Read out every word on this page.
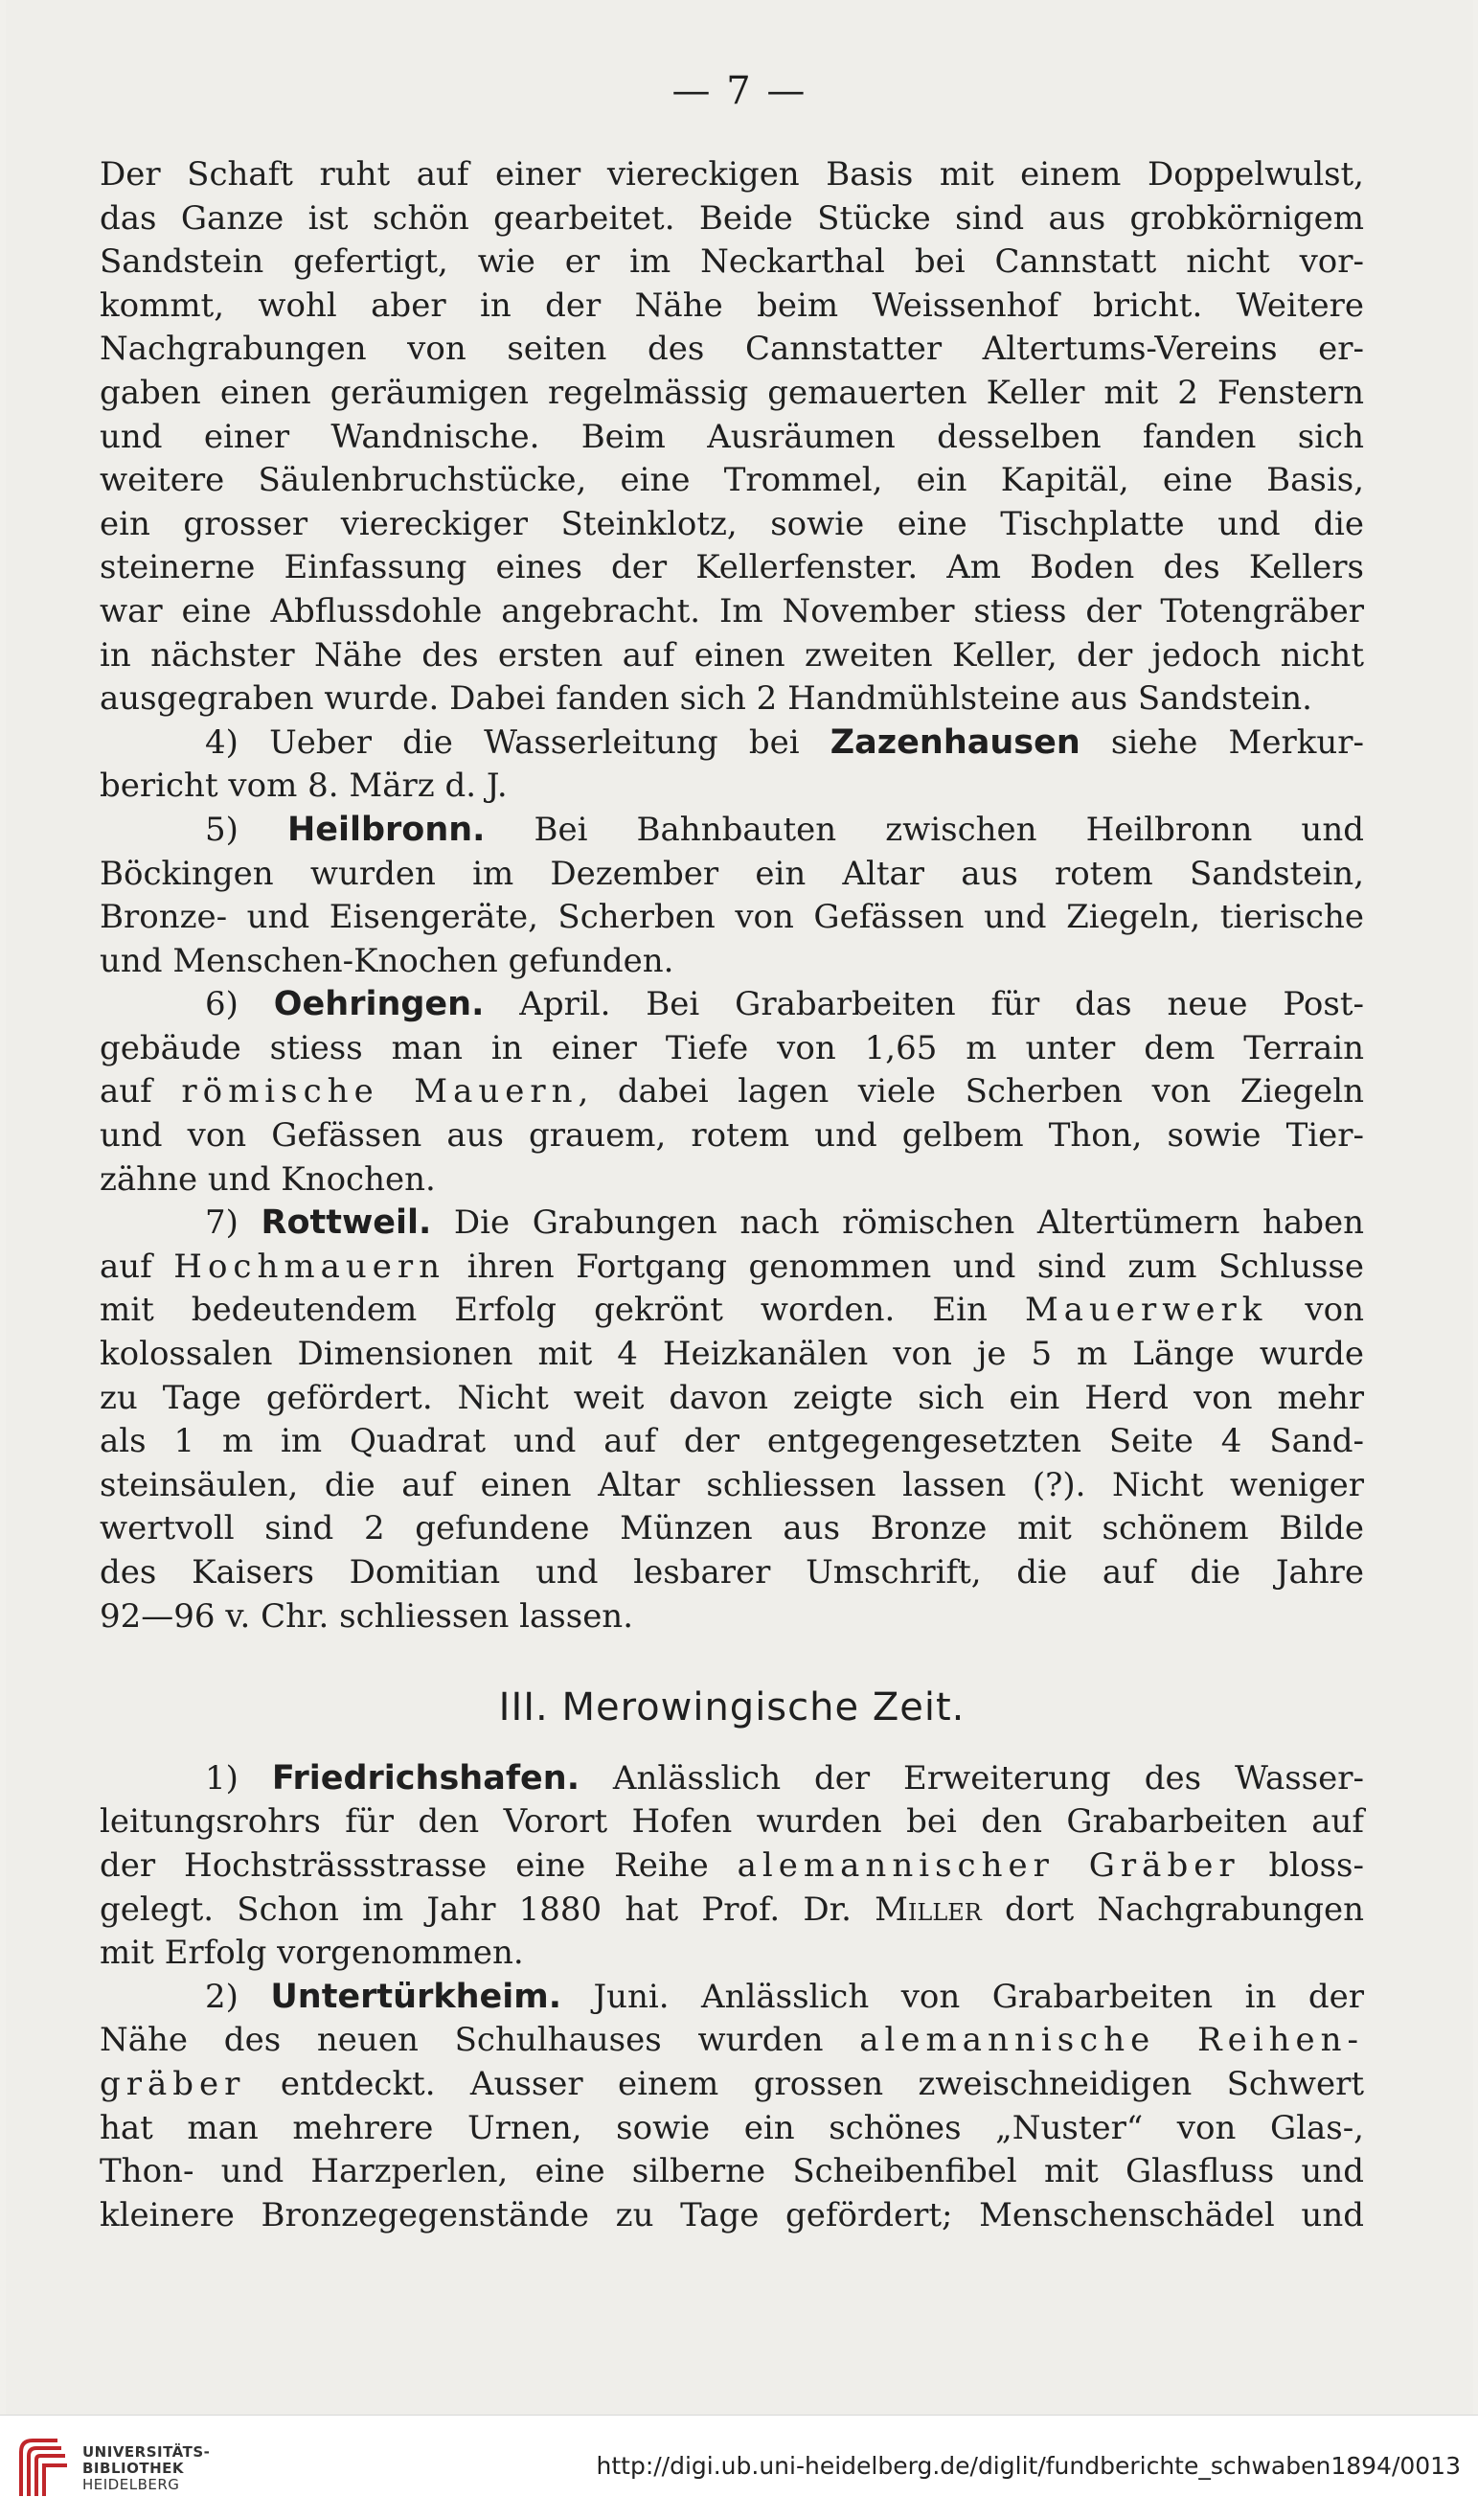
— 7 —

Der Schaft ruht auf einer viereckigen Basis mit einem Doppelwulst,

das Ganze ist schön gearbeitet. Beide Stücke sind aus grobkörnigem

Sandstein gefertigt, wie er im Neckarthal bei Cannstatt nicht vor-

kommt, wohl aber in der Nähe beim Weissenhof bricht. Weitere

Nachgrabungen von seiten des Cannstatter Altertums-Vereins er-

gaben einen geräumigen regelmässig gemauerten Keller mit 2 Fenstern

und einer Wandnische. Beim Ausräumen desselben fanden sich

weitere Säulenbruchstücke, eine Trommel, ein Kapitäl, eine Basis,

ein grosser viereckiger Steinklotz, sowie eine Tischplatte und die

steinerne Einfassung eines der Kellerfenster. Am Boden des Kellers

war eine Abflussdohle angebracht. Im November stiess der Totengräber

in nächster Nähe des ersten auf einen zweiten Keller, der jedoch nicht

ausgegraben wurde. Dabei fanden sich 2 Handmühlsteine aus Sandstein.

4) Ueber die Wasserleitung bei Zazenhausen siehe Merkur-

bericht vom 8. März d. J.

5) Heilbronn. Bei Bahnbauten zwischen Heilbronn und

Böckingen wurden im Dezember ein Altar aus rotem Sandstein,

Bronze- und Eisengeräte, Scherben von Gefässen und Ziegeln, tierische

und Menschen-Knochen gefunden.

6) Oehringen. April. Bei Grabarbeiten für das neue Post-

gebäude stiess man in einer Tiefe von 1,65 m unter dem Terrain

auf römische Mauern, dabei lagen viele Scherben von Ziegeln

und von Gefässen aus grauem, rotem und gelbem Thon, sowie Tier-

zähne und Knochen.

7) Rottweil. Die Grabungen nach römischen Altertümern haben

auf Hochmauern ihren Fortgang genommen und sind zum Schlusse

mit bedeutendem Erfolg gekrönt worden. Ein Mauerwerk von

kolossalen Dimensionen mit 4 Heizkanälen von je 5 m Länge wurde

zu Tage gefördert. Nicht weit davon zeigte sich ein Herd von mehr

als 1 m im Quadrat und auf der entgegengesetzten Seite 4 Sand-

steinsäulen, die auf einen Altar schliessen lassen (?). Nicht weniger

wertvoll sind 2 gefundene Münzen aus Bronze mit schönem Bilde

des Kaisers Domitian und lesbarer Umschrift, die auf die Jahre

92—96 v. Chr. schliessen lassen.

III. Merowingische Zeit.

1) Friedrichshafen. Anlässlich der Erweiterung des Wasser-

leitungsrohrs für den Vorort Hofen wurden bei den Grabarbeiten auf

der Hochsträssstrasse eine Reihe alemannischer Gräber bloss-

gelegt. Schon im Jahr 1880 hat Prof. Dr. Miller dort Nachgrabungen

mit Erfolg vorgenommen.

2) Untertürkheim. Juni. Anlässlich von Grabarbeiten in der

Nähe des neuen Schulhauses wurden alemannische Reihen-

gräber entdeckt. Ausser einem grossen zweischneidigen Schwert

hat man mehrere Urnen, sowie ein schönes „Nuster“ von Glas-,

Thon- und Harzperlen, eine silberne Scheibenfibel mit Glasfluss und

kleinere Bronzegegenstände zu Tage gefördert; Menschenschädel und

UNIVERSITÄTS-
BIBLIOTHEK
HEIDELBERG
http://digi.ub.uni-heidelberg.de/diglit/fundberichte_schwaben1894/0013
